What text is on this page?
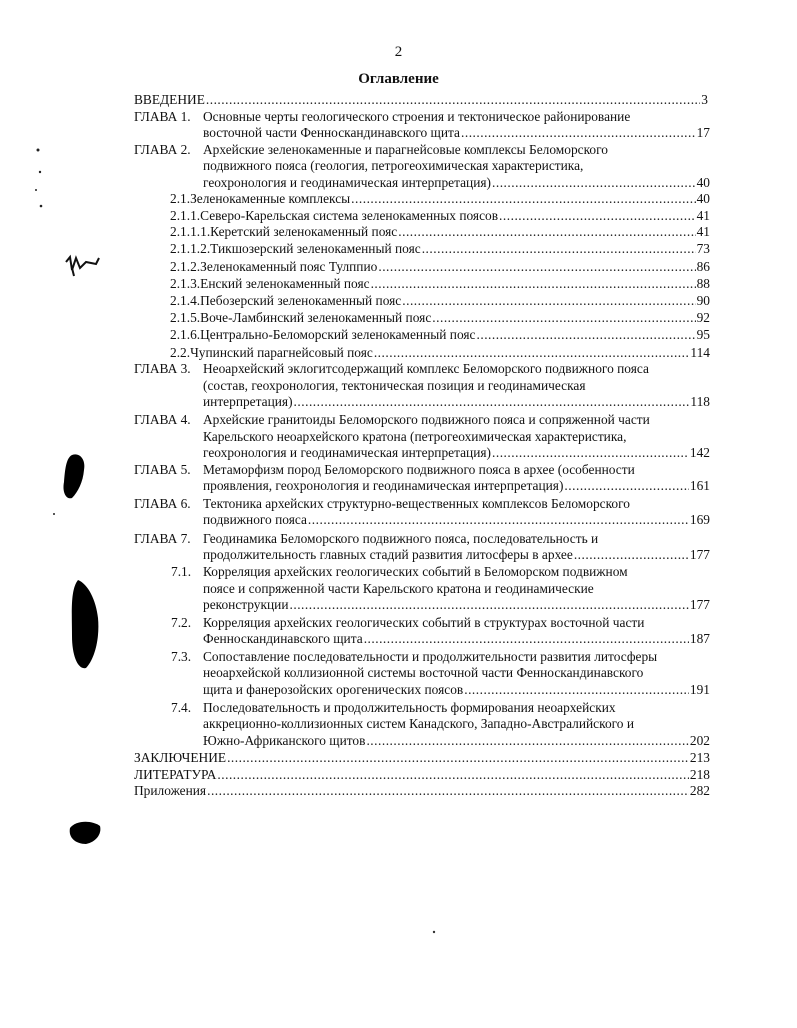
2
Оглавление
ВВЕДЕНИЕ .....	3
ГЛАВА 1. Основные черты геологического строения и тектоническое районирование
восточной части Фенноскандинавского щита .....	17
ГЛАВА 2. Архейские зеленокаменные и парагнейсовые комплексы Беломорского
подвижного пояса (геология, петрогеохимическая характеристика,
геохронология и геодинамическая интерпретация) .....	40
2.1. Зеленокаменные комплексы .....	40
2.1.1. Северо-Карельская система зеленокаменных поясов .....	41
2.1.1.1. Керетский зеленокаменный пояс .....	41
2.1.1.2. Тикшозерский зеленокаменный пояс .....	73
2.1.2. Зеленокаменный пояс Тулппио .....	86
2.1.3. Енский зеленокаменный пояс .....	88
2.1.4. Пебозерский зеленокаменный пояс .....	90
2.1.5. Воче-Ламбинский зеленокаменный пояс .....	92
2.1.6. Центрально-Беломорский зеленокаменный пояс .....	95
2.2. Чупинский парагнейсовый пояс .....	114
ГЛАВА 3. Неоархейский эклогитсодержащий комплекс Беломорского подвижного пояса
(состав, геохронология, тектоническая позиция и геодинамическая
интерпретация) .....	118
ГЛАВА 4. Архейские гранитоиды Беломорского подвижного пояса и сопряженной части
Карельского неоархейского кратона (петрогеохимическая характеристика,
геохронология и геодинамическая интерпретация) .....	142
ГЛАВА 5. Метаморфизм пород Беломорского подвижного пояса в архее (особенности
проявления, геохронология и геодинамическая интерпретация) .....	161
ГЛАВА 6. Тектоника архейских структурно-вещественных комплексов Беломорского
подвижного пояса .....	169
ГЛАВА 7. Геодинамика Беломорского подвижного пояса, последовательность и
продолжительность главных стадий развития литосферы в архее .....	177
7.1. Корреляция архейских геологических событий в Беломорском подвижном
поясе и сопряженной части Карельского кратона и геодинамические
реконструкции .....	177
7.2. Корреляция архейских геологических событий в структурах восточной части
Фенноскандинавского щита .....	187
7.3. Сопоставление последовательности и продолжительности развития литосферы
неоархейской коллизионной системы восточной части Фенноскандинавского
щита и фанерозойских орогенических поясов .....	191
7.4. Последовательность и продолжительность формирования неоархейских
аккреционно-коллизионных систем Канадского, Западно-Австралийского и
Южно-Африканского щитов .....	202
ЗАКЛЮЧЕНИЕ .....	213
ЛИТЕРАТУРА .....	218
Приложения .....	282
